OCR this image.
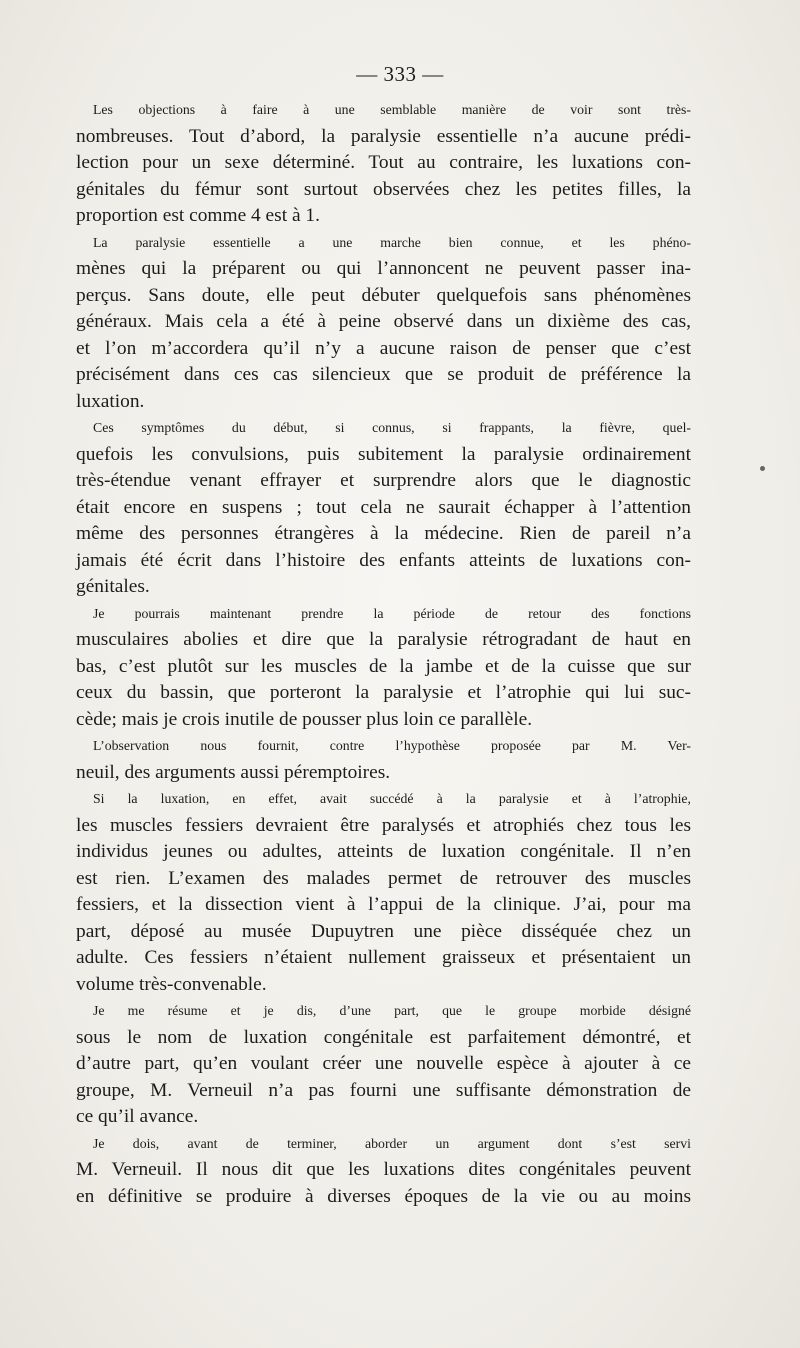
— 333 —
Les objections à faire à une semblable manière de voir sont très-
nombreuses. Tout d’abord, la paralysie essentielle n’a aucune prédi-
lection pour un sexe déterminé. Tout au contraire, les luxations con-
génitales du fémur sont surtout observées chez les petites filles, la
proportion est comme 4 est à 1.
La paralysie essentielle a une marche bien connue, et les phéno-
mènes qui la préparent ou qui l’annoncent ne peuvent passer ina-
perçus. Sans doute, elle peut débuter quelquefois sans phénomènes
généraux. Mais cela a été à peine observé dans un dixième des cas,
et l’on m’accordera qu’il n’y a aucune raison de penser que c’est
précisément dans ces cas silencieux que se produit de préférence la
luxation.
Ces symptômes du début, si connus, si frappants, la fièvre, quel-
quefois les convulsions, puis subitement la paralysie ordinairement
très-étendue venant effrayer et surprendre alors que le diagnostic
était encore en suspens ; tout cela ne saurait échapper à l’attention
même des personnes étrangères à la médecine. Rien de pareil n’a
jamais été écrit dans l’histoire des enfants atteints de luxations con-
génitales.
Je pourrais maintenant prendre la période de retour des fonctions
musculaires abolies et dire que la paralysie rétrogradant de haut en
bas, c’est plutôt sur les muscles de la jambe et de la cuisse que sur
ceux du bassin, que porteront la paralysie et l’atrophie qui lui suc-
cède; mais je crois inutile de pousser plus loin ce parallèle.
L’observation nous fournit, contre l’hypothèse proposée par M. Ver-
neuil, des arguments aussi péremptoires.
Si la luxation, en effet, avait succédé à la paralysie et à l’atrophie,
les muscles fessiers devraient être paralysés et atrophiés chez tous les
individus jeunes ou adultes, atteints de luxation congénitale. Il n’en
est rien. L’examen des malades permet de retrouver des muscles
fessiers, et la dissection vient à l’appui de la clinique. J’ai, pour ma
part, déposé au musée Dupuytren une pièce disséquée chez un
adulte. Ces fessiers n’étaient nullement graisseux et présentaient un
volume très-convenable.
Je me résume et je dis, d’une part, que le groupe morbide désigné
sous le nom de luxation congénitale est parfaitement démontré, et
d’autre part, qu’en voulant créer une nouvelle espèce à ajouter à ce
groupe, M. Verneuil n’a pas fourni une suffisante démonstration de
ce qu’il avance.
Je dois, avant de terminer, aborder un argument dont s’est servi
M. Verneuil. Il nous dit que les luxations dites congénitales peuvent
en définitive se produire à diverses époques de la vie ou au moins
